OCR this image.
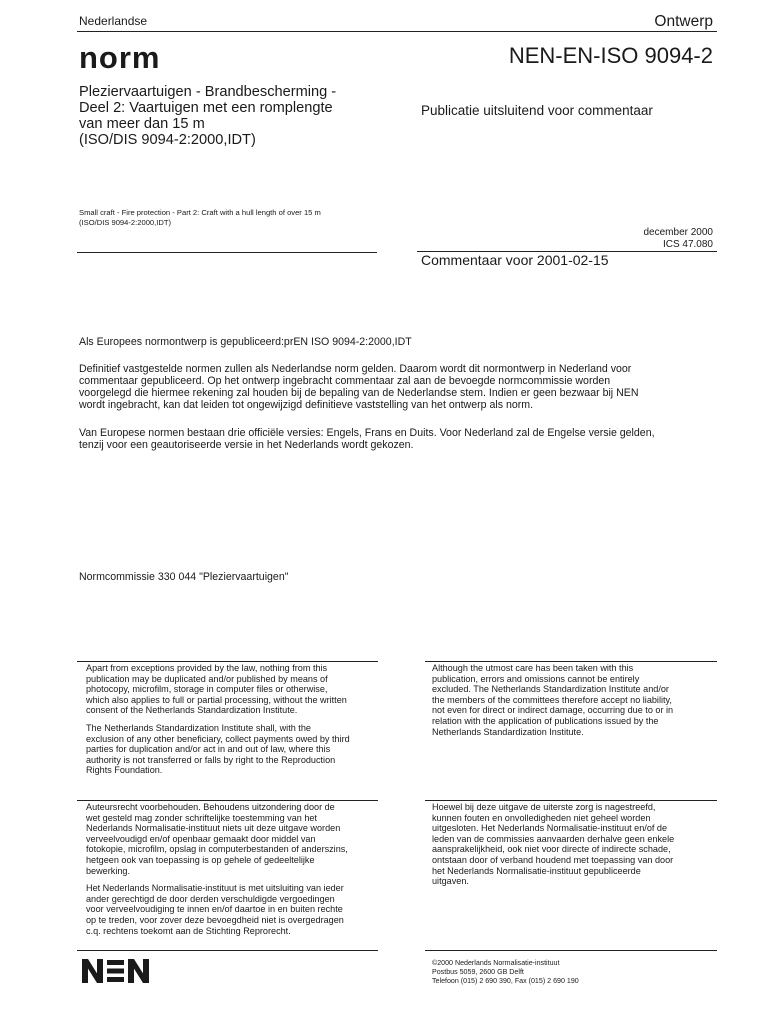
Nederlandse
norm
Ontwerp
NEN-EN-ISO 9094-2
Pleziervaartuigen - Brandbescherming -
Deel 2: Vaartuigen met een romplengte
van meer dan 15 m
(ISO/DIS 9094-2:2000,IDT)
Publicatie uitsluitend voor commentaar
Small craft - Fire protection - Part 2: Craft with a hull length of over 15 m
(ISO/DIS 9094-2:2000,IDT)
december 2000
ICS 47.080
Commentaar voor 2001-02-15
Als Europees normontwerp is gepubliceerd:prEN ISO 9094-2:2000,IDT
Definitief vastgestelde normen zullen als Nederlandse norm gelden. Daarom wordt dit normontwerp in Nederland voor
commentaar gepubliceerd. Op het ontwerp ingebracht commentaar zal aan de bevoegde normcommissie worden
voorgelegd die hiermee rekening zal houden bij de bepaling van de Nederlandse stem. Indien er geen bezwaar bij NEN
wordt ingebracht, kan dat leiden tot ongewijzigd definitieve vaststelling van het ontwerp als norm.
Van Europese normen bestaan drie officiële versies: Engels, Frans en Duits. Voor Nederland zal de Engelse versie gelden,
tenzij voor een geautoriseerde versie in het Nederlands wordt gekozen.
Normcommissie 330 044 "Pleziervaartuigen"

Apart from exceptions provided by the law, nothing from this
publication may be duplicated and/or published by means of
photocopy, microfilm, storage in computer files or otherwise,
which also applies to full or partial processing, without the written
consent of the Netherlands Standardization Institute.

The Netherlands Standardization Institute shall, with the
exclusion of any other beneficiary, collect payments owed by third
parties for duplication and/or act in and out of law, where this
authority is not transferred or falls by right to the Reproduction
Rights Foundation.

Although the utmost care has been taken with this
publication, errors and omissions cannot be entirely
excluded. The Netherlands Standardization Institute and/or
the members of the committees therefore accept no liability,
not even for direct or indirect damage, occurring due to or in
relation with the application of publications issued by the
Netherlands Standardization Institute.

Auteursrecht voorbehouden. Behoudens uitzondering door de
wet gesteld mag zonder schriftelijke toestemming van het
Nederlands Normalisatie-instituut niets uit deze uitgave worden
verveelvoudigd en/of openbaar gemaakt door middel van
fotokopie, microfilm, opslag in computerbestanden of anderszins,
hetgeen ook van toepassing is op gehele of gedeeltelijke
bewerking.

Het Nederlands Normalisatie-instituut is met uitsluiting van ieder
ander gerechtigd de door derden verschuldigde vergoedingen
voor verveelvoudiging te innen en/of daartoe in en buiten rechte
op te treden, voor zover deze bevoegdheid niet is overgedragen
c.q. rechtens toekomt aan de Stichting Reprorecht.

Hoewel bij deze uitgave de uiterste zorg is nagestreefd,
kunnen fouten en onvolledigheden niet geheel worden
uitgesloten. Het Nederlands Normalisatie-instituut en/of de
leden van de commissies aanvaarden derhalve geen enkele
aansprakelijkheid, ook niet voor directe of indirecte schade,
ontstaan door of verband houdend met toepassing van door
het Nederlands Normalisatie-instituut gepubliceerde
uitgaven.

©2000 Nederlands Normalisatie-instituut
Postbus 5059, 2600 GB Delft
Telefoon (015) 2 690 390, Fax (015) 2 690 190
